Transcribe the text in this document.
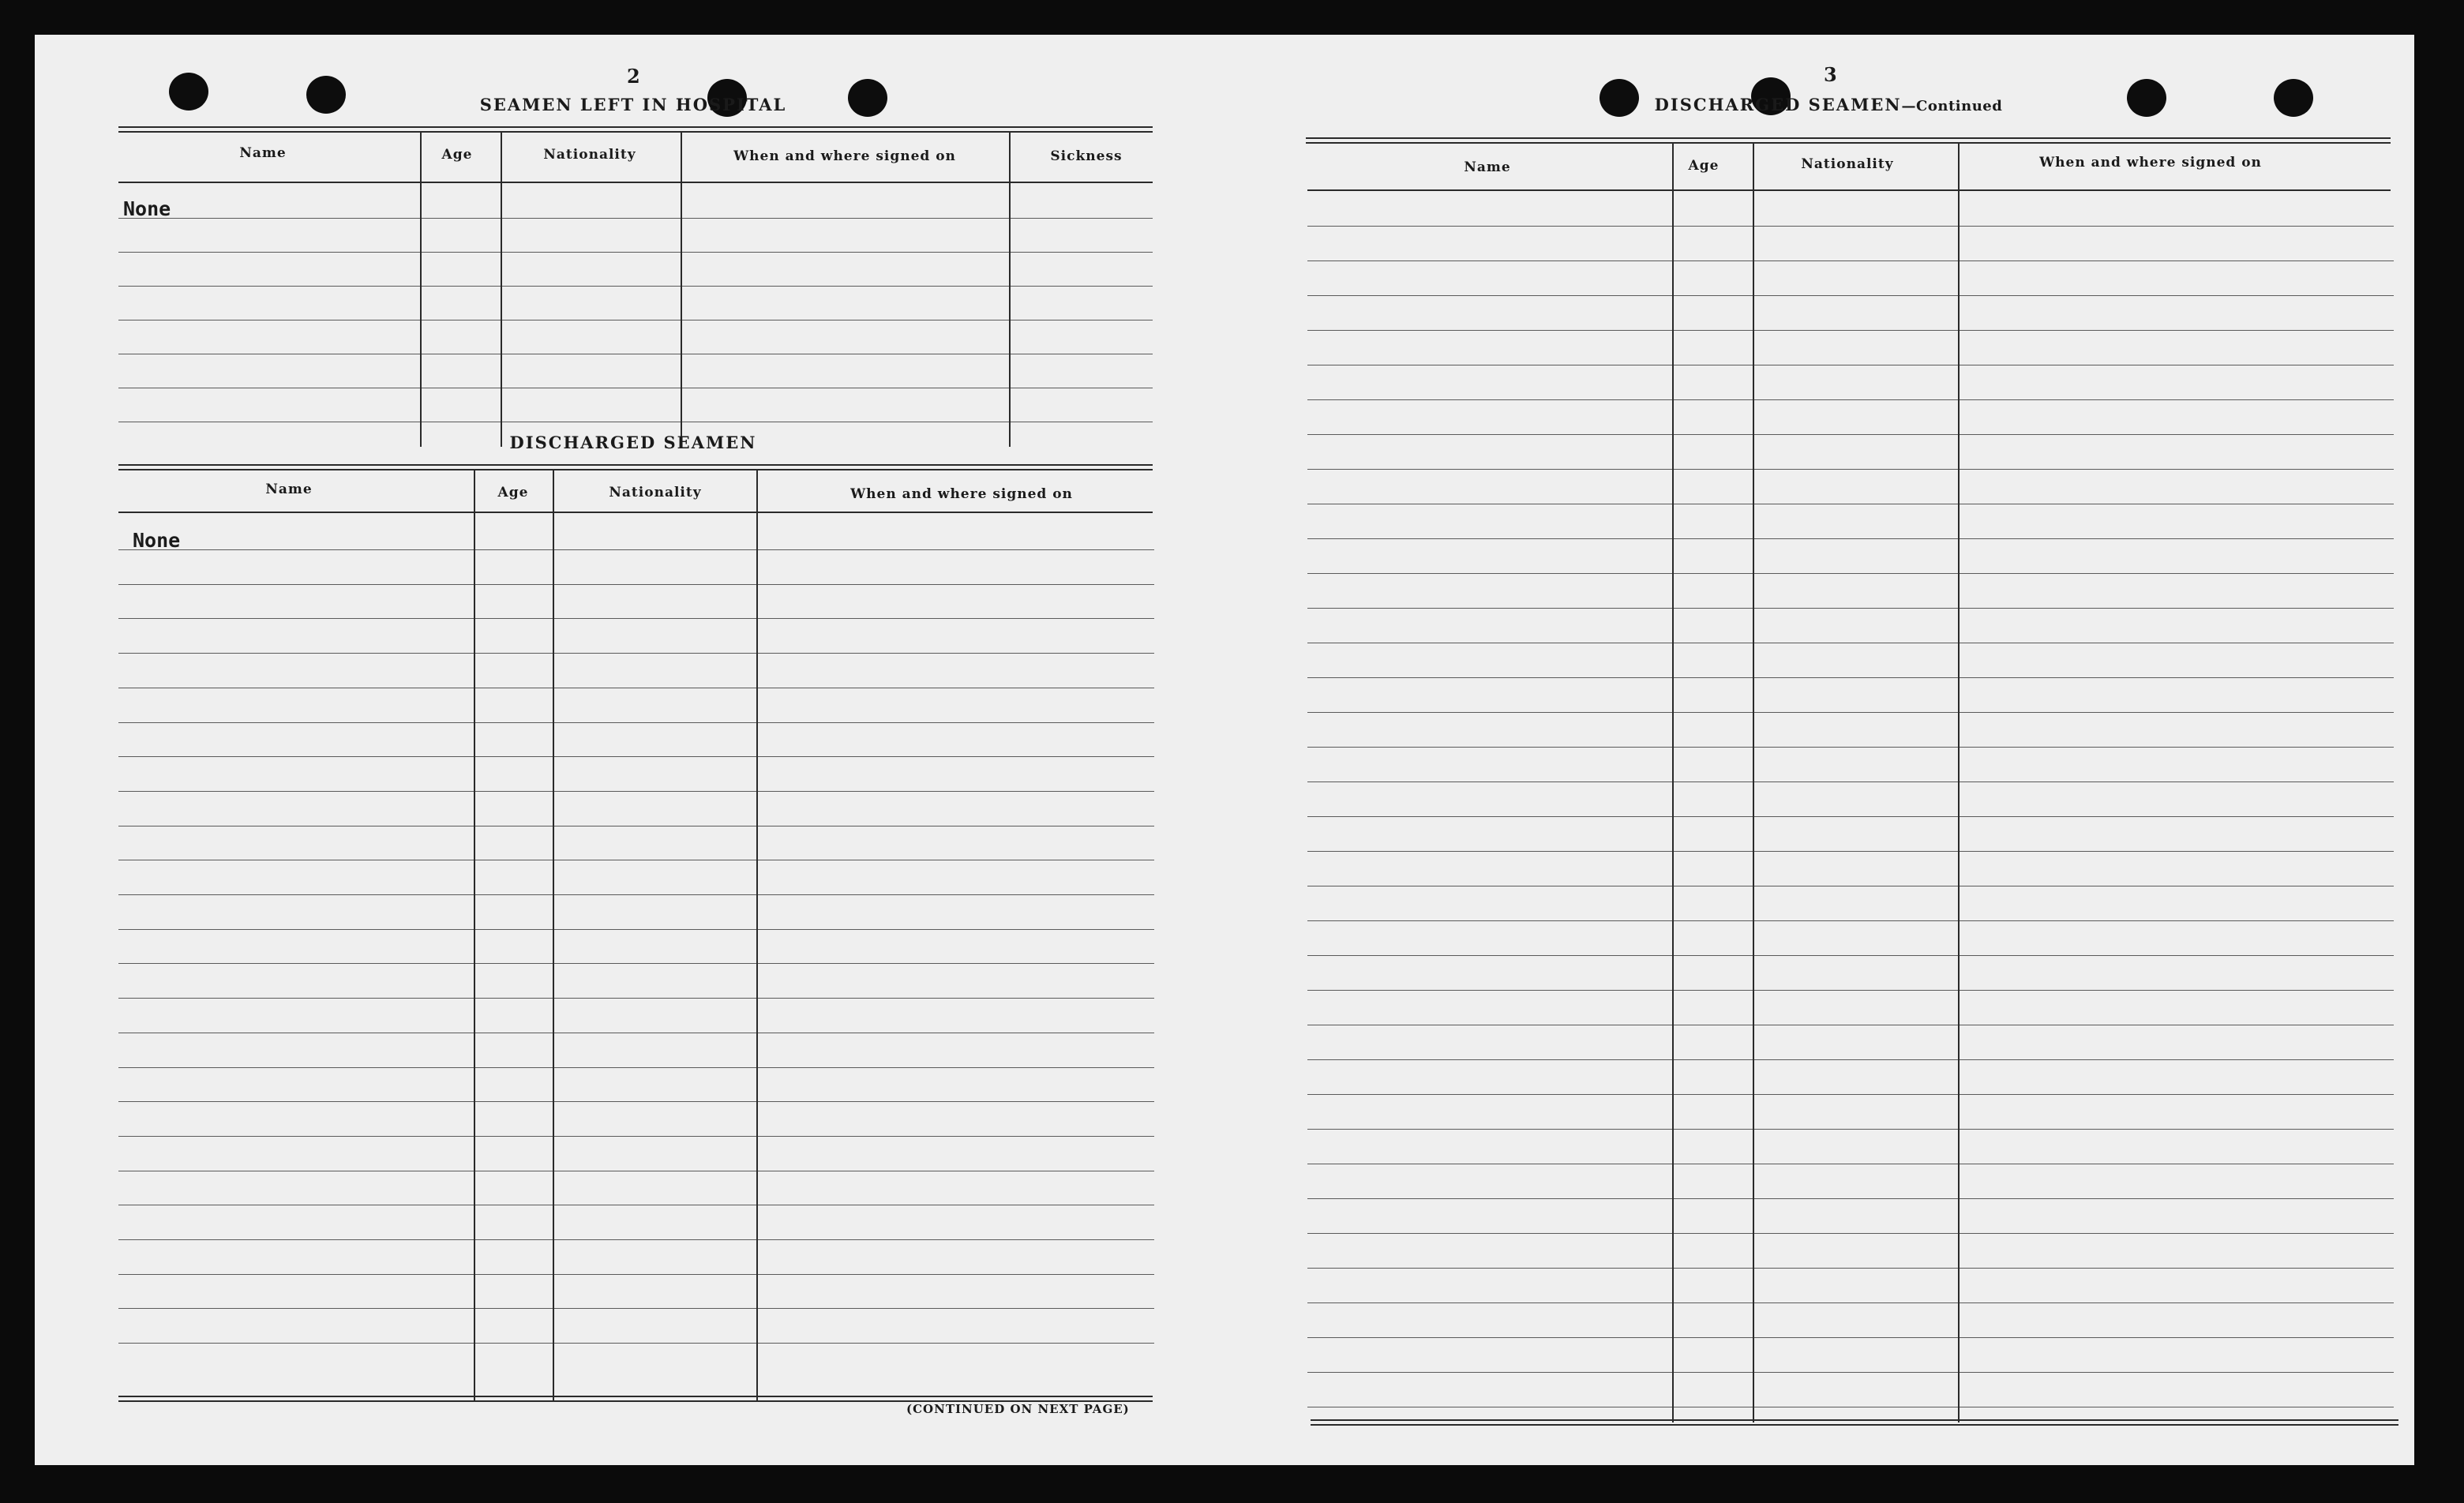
2
SEAMEN LEFT IN HOSPITAL
Name	Age	Nationality	When and where signed on	Sickness
None
DISCHARGED SEAMEN
Name	Age	Nationality	When and where signed on
None
(CONTINUED ON NEXT PAGE)
3
DISCHARGED SEAMEN—Continued
Name	Age	Nationality	When and where signed on
